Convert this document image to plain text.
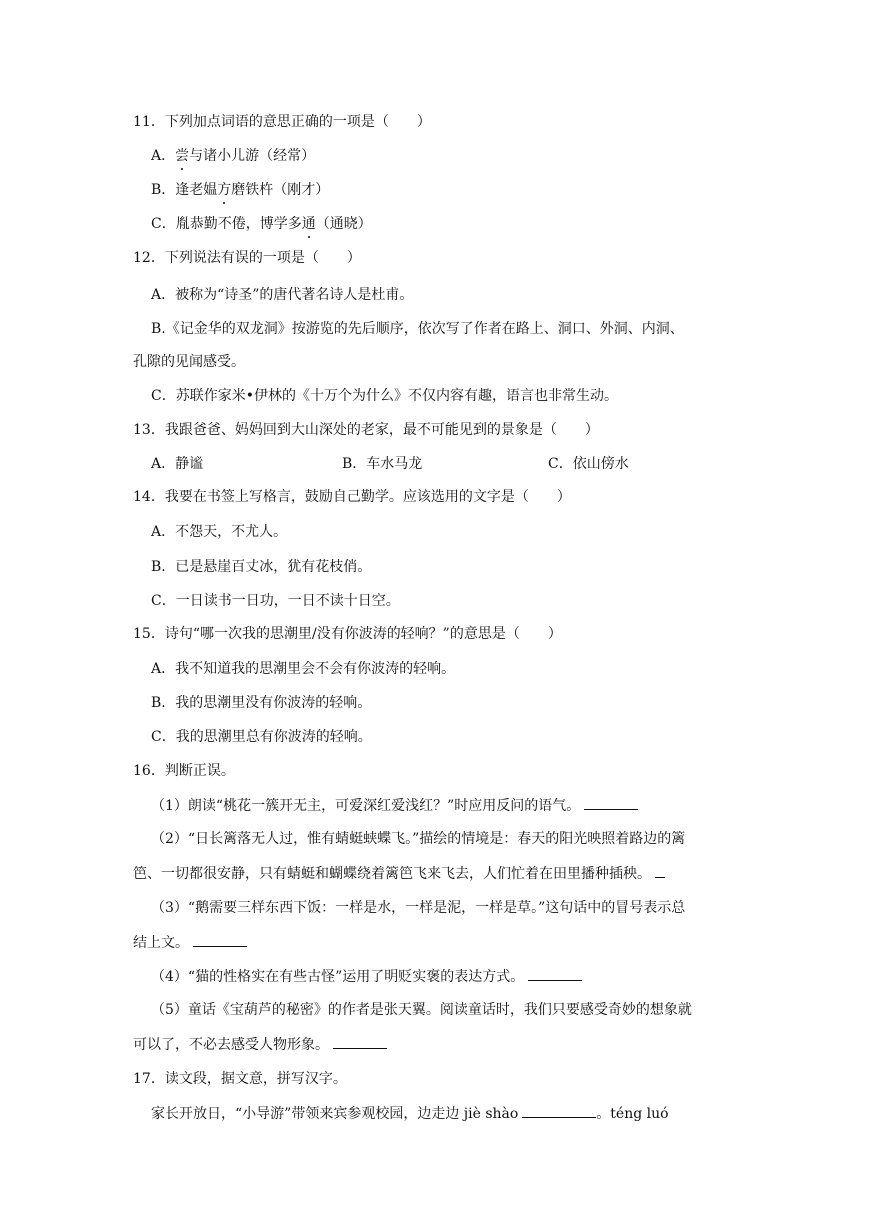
11．下列加点词语的意思正确的一项是（　　）
A．尝与诸小儿游（经常）
B．逢老媪方磨铁杵（刚才）
C．胤恭勤不倦，博学多通（通晓）
12．下列说法有误的一项是（　　）
A．被称为“诗圣”的唐代著名诗人是杜甫。
B.《记金华的双龙洞》按游览的先后顺序，依次写了作者在路上、洞口、外洞、内洞、
孔隙的见闻感受。
C．苏联作家米•伊林的《十万个为什么》不仅内容有趣，语言也非常生动。
13．我跟爸爸、妈妈回到大山深处的老家，最不可能见到的景象是（　　）
A．静谧	B．车水马龙	C．依山傍水
14．我要在书签上写格言，鼓励自己勤学。应该选用的文字是（　　）
A．不怨天，不尤人。
B．已是悬崖百丈冰，犹有花枝俏。
C．一日读书一日功，一日不读十日空。
15．诗句“哪一次我的思潮里/没有你波涛的轻响？”的意思是（　　）
A．我不知道我的思潮里会不会有你波涛的轻响。
B．我的思潮里没有你波涛的轻响。
C．我的思潮里总有你波涛的轻响。
16．判断正误。
（1）朗读“桃花一簇开无主，可爱深红爱浅红？”时应用反问的语气。
（2）“日长篱落无人过，惟有蜻蜓蛱蝶飞。”描绘的情境是：春天的阳光映照着路边的篱
笆、一切都很安静，只有蜻蜓和蝴蝶绕着篱笆飞来飞去，人们忙着在田里播种插秧。
（3）“鹅需要三样东西下饭：一样是水，一样是泥，一样是草。”这句话中的冒号表示总
结上文。
（4）“猫的性格实在有些古怪”运用了明贬实褒的表达方式。
（5）童话《宝葫芦的秘密》的作者是张天翼。阅读童话时，我们只要感受奇妙的想象就
可以了，不必去感受人物形象。
17．读文段，据文意，拼写汉字。
家长开放日，“小导游”带领来宾参观校园，边走边 jiè shào	。téng luó
